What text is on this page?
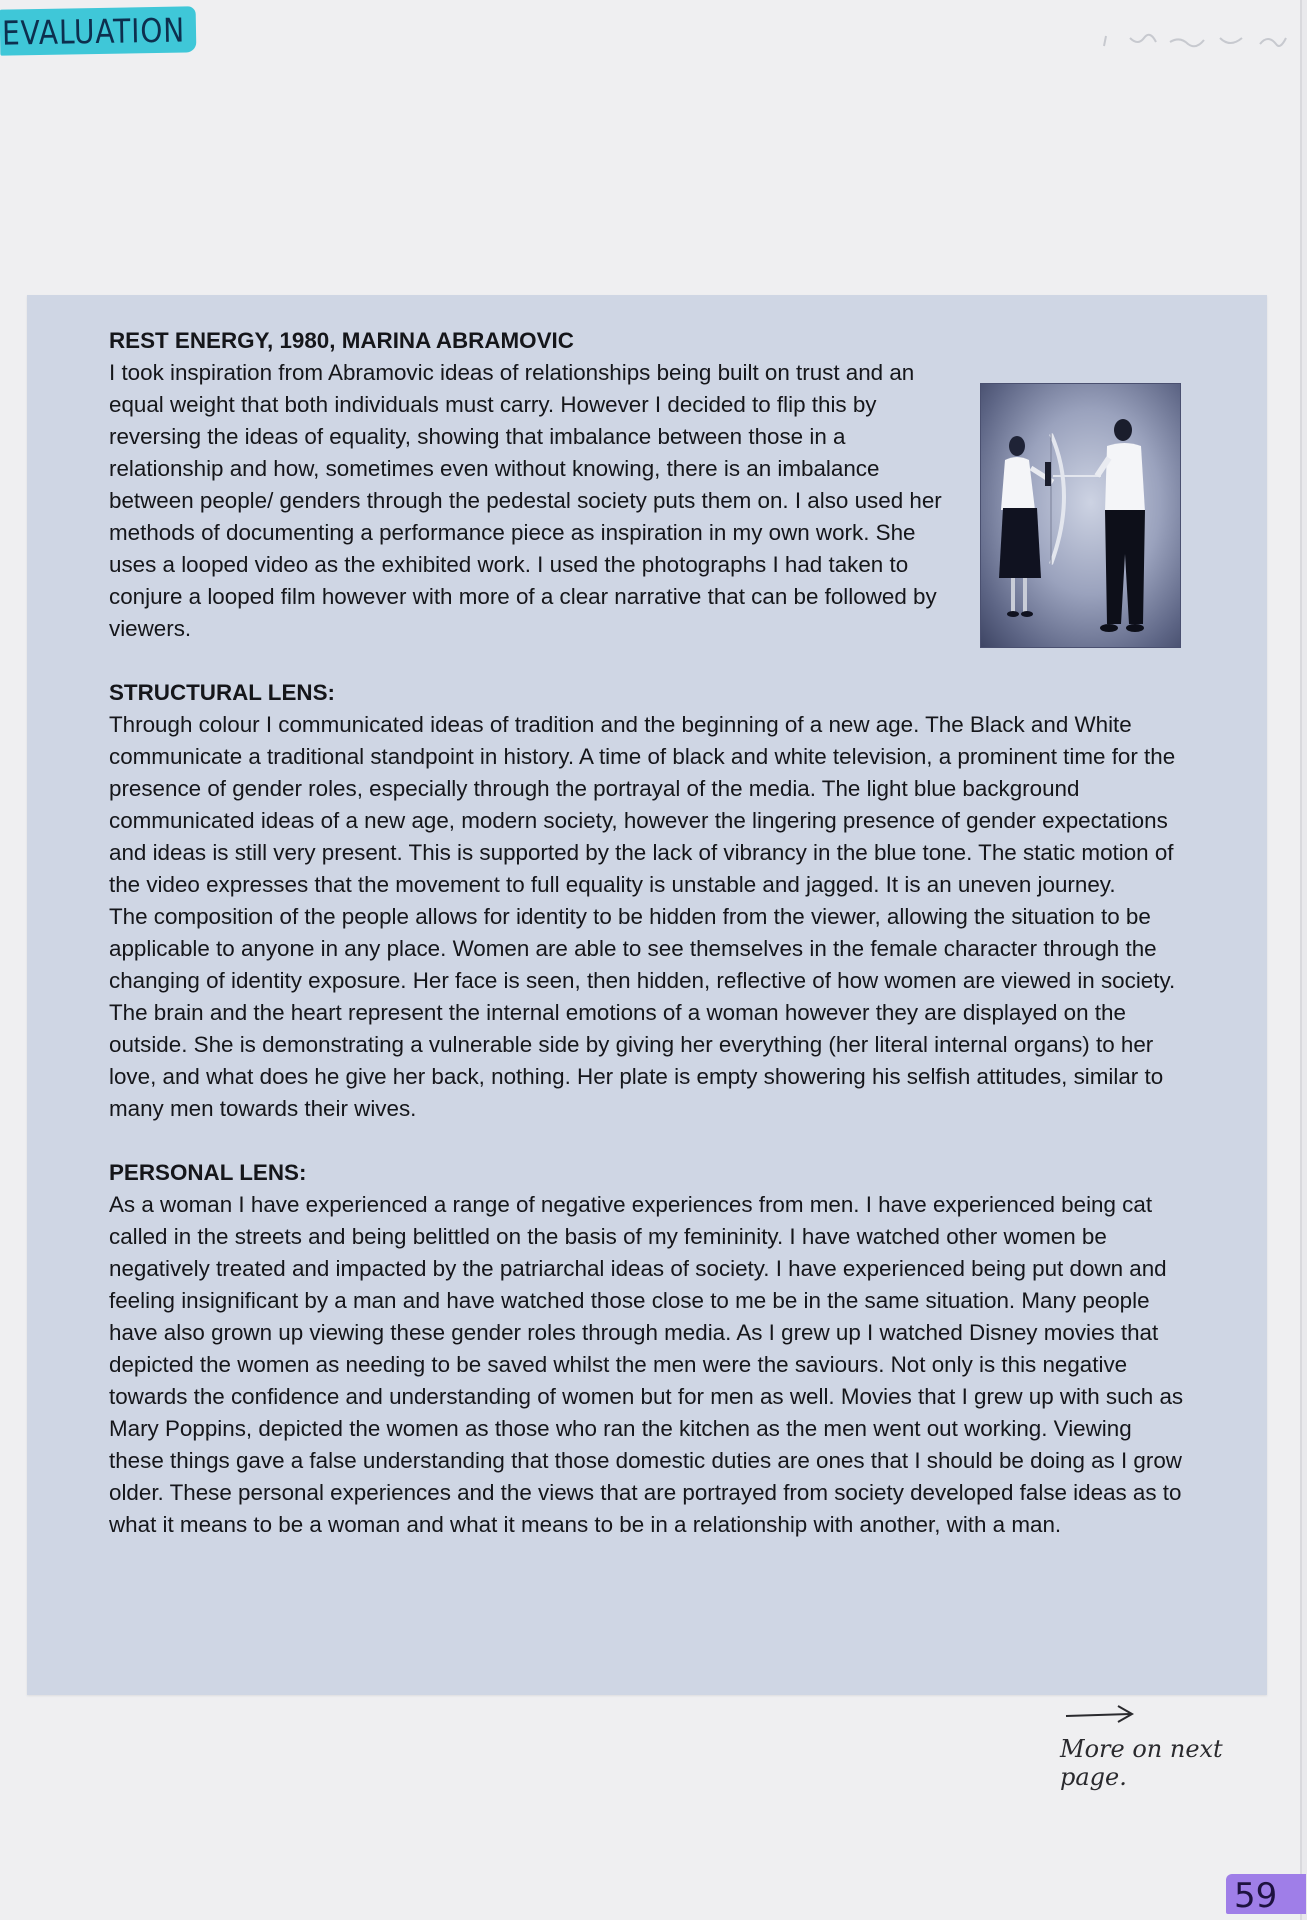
EVALUATION

REST ENERGY, 1980, MARINA ABRAMOVIC

I took inspiration from Abramovic ideas of relationships being built on trust and an equal weight that both individuals must carry. However I decided to flip this by reversing the ideas of equality, showing that imbalance between those in a relationship and how, sometimes even without knowing, there is an imbalance between people/ genders through the pedestal society puts them on. I also used her methods of documenting a performance piece as inspiration in my own work. She uses a looped video as the exhibited work. I used the photographs I had taken to conjure a looped film however with more of a clear narrative that can be followed by viewers.

STRUCTURAL LENS:

Through colour I communicated ideas of tradition and the beginning of a new age. The Black and White communicate a traditional standpoint in history. A time of black and white television, a prominent time for the presence of gender roles, especially through the portrayal of the media. The light blue background communicated ideas of a new age, modern society, however the lingering presence of gender expectations and ideas is still very present. This is supported by the lack of vibrancy in the blue tone. The static motion of the video expresses that the movement to full equality is unstable and jagged. It is an uneven journey.

The composition of the people allows for identity to be hidden from the viewer, allowing the situation to be applicable to anyone in any place. Women are able to see themselves in the female character through the changing of identity exposure. Her face is seen, then hidden, reflective of how women are viewed in society.

The brain and the heart represent the internal emotions of a woman however they are displayed on the outside. She is demonstrating a vulnerable side by giving her everything (her literal internal organs) to her love, and what does he give her back, nothing. Her plate is empty showering his selfish attitudes, similar to many men towards their wives.

PERSONAL LENS:

As a woman I have experienced a range of negative experiences from men. I have experienced being cat called in the streets and being belittled on the basis of my femininity. I have watched other women be negatively treated and impacted by the patriarchal ideas of society. I have experienced being put down and feeling insignificant by a man and have watched those close to me be in the same situation. Many people have also grown up viewing these gender roles through media. As I grew up I watched Disney movies that depicted the women as needing to be saved whilst the men were the saviours. Not only is this negative towards the confidence and understanding of women but for men as well. Movies that I grew up with such as Mary Poppins, depicted the women as those who ran the kitchen as the men went out working. Viewing these things gave a false understanding that those domestic duties are ones that I should be doing as I grow older. These personal experiences and the views that are portrayed from society developed false ideas as to what it means to be a woman and what it means to be in a relationship with another, with a man.

More on next
page.
59
